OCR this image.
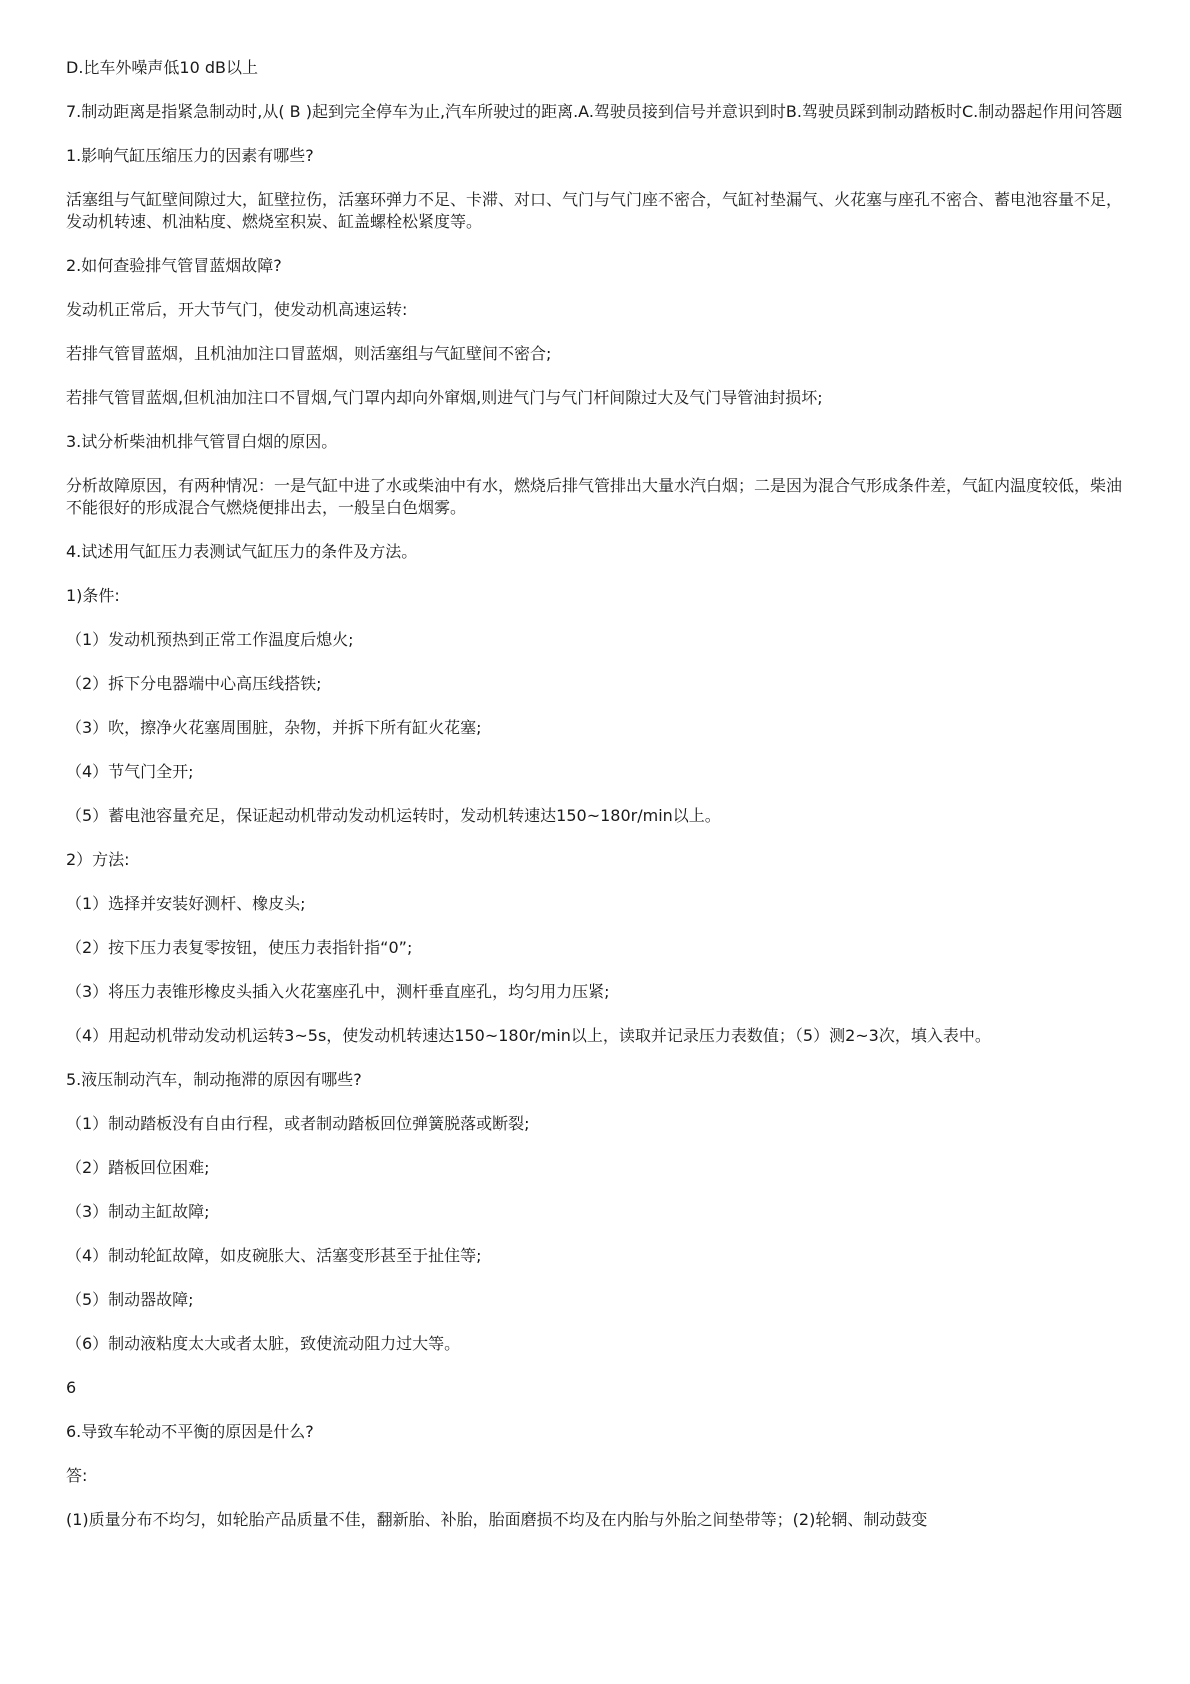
D.比车外噪声低10 dB以上

7.制动距离是指紧急制动时,从( B )起到完全停车为止,汽车所驶过的距离.A.驾驶员接到信号并意识到时B.驾驶员踩到制动踏板时C.制动器起作用问答题

1.影响气缸压缩压力的因素有哪些?

活塞组与气缸壁间隙过大，缸壁拉伤，活塞环弹力不足、卡滞、对口、气门与气门座不密合，气缸衬垫漏气、火花塞与座孔不密合、蓄电池容量不足，发动机转速、机油粘度、燃烧室积炭、缸盖螺栓松紧度等。

2.如何查验排气管冒蓝烟故障?

发动机正常后，开大节气门，使发动机高速运转:

若排气管冒蓝烟，且机油加注口冒蓝烟，则活塞组与气缸壁间不密合;

若排气管冒蓝烟,但机油加注口不冒烟,气门罩内却向外窜烟,则进气门与气门杆间隙过大及气门导管油封损坏;

3.试分析柴油机排气管冒白烟的原因。

分析故障原因，有两种情况：一是气缸中进了水或柴油中有水，燃烧后排气管排出大量水汽白烟；二是因为混合气形成条件差，气缸内温度较低，柴油不能很好的形成混合气燃烧便排出去，一般呈白色烟雾。

4.试述用气缸压力表测试气缸压力的条件及方法。

1)条件:

（1）发动机预热到正常工作温度后熄火;

（2）拆下分电器端中心高压线搭铁;

（3）吹，擦净火花塞周围脏，杂物，并拆下所有缸火花塞;

（4）节气门全开;

（5）蓄电池容量充足，保证起动机带动发动机运转时，发动机转速达150~180r/min以上。

2）方法:

（1）选择并安装好测杆、橡皮头;

（2）按下压力表复零按钮，使压力表指针指“0”;

（3）将压力表锥形橡皮头插入火花塞座孔中，测杆垂直座孔，均匀用力压紧;

（4）用起动机带动发动机运转3~5s，使发动机转速达150~180r/min以上，读取并记录压力表数值；（5）测2~3次，填入表中。

5.液压制动汽车，制动拖滞的原因有哪些?

（1）制动踏板没有自由行程，或者制动踏板回位弹簧脱落或断裂;

（2）踏板回位困难;

（3）制动主缸故障;

（4）制动轮缸故障，如皮碗胀大、活塞变形甚至于扯住等;

（5）制动器故障;

（6）制动液粘度太大或者太脏，致使流动阻力过大等。

6

6.导致车轮动不平衡的原因是什么?

答:

(1)质量分布不均匀，如轮胎产品质量不佳，翻新胎、补胎，胎面磨损不均及在内胎与外胎之间垫带等；(2)轮辋、制动鼓变
